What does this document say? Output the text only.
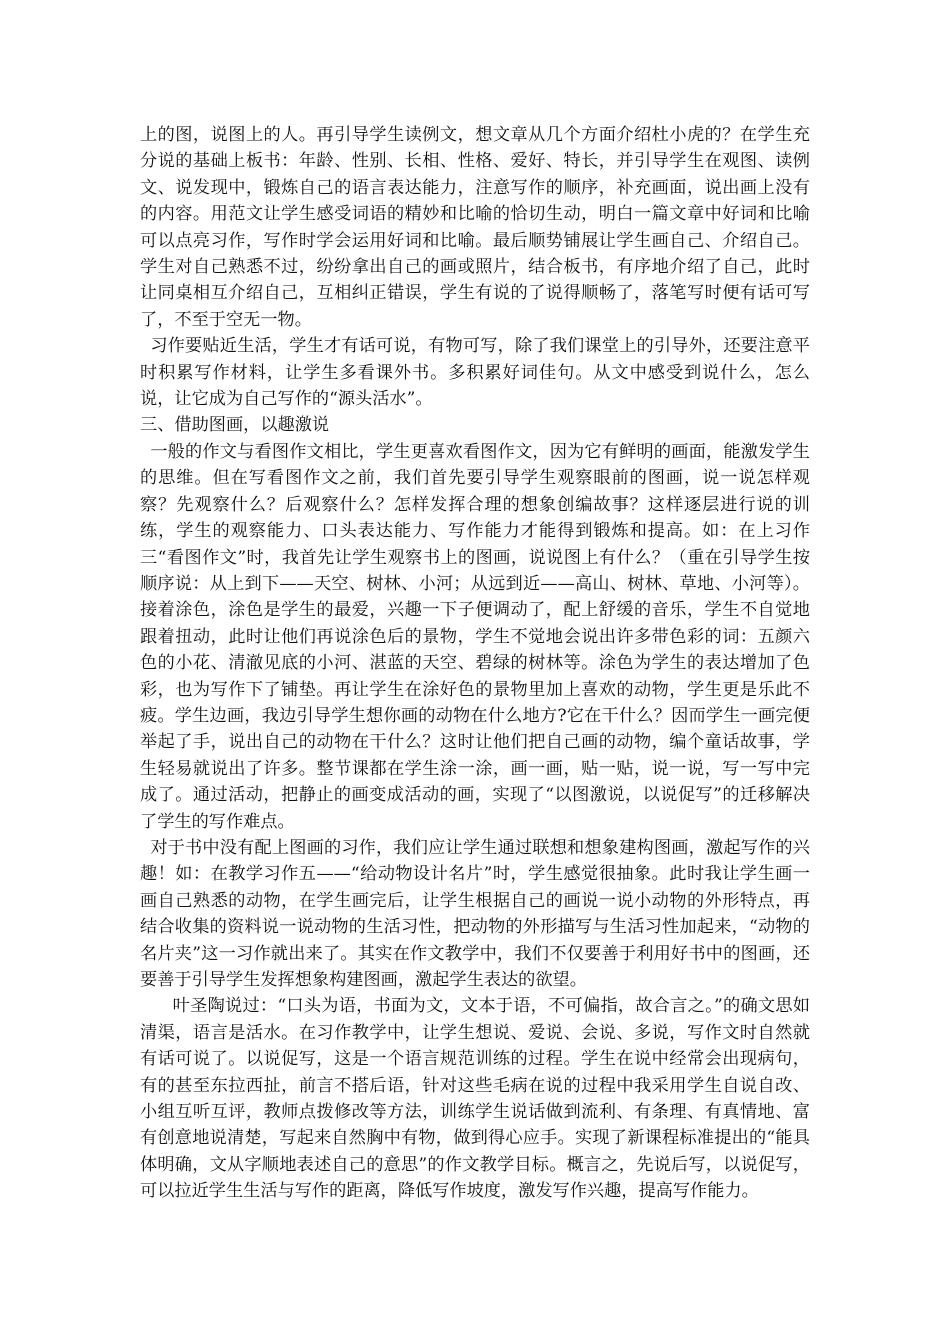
上的图，说图上的人。再引导学生读例文，想文章从几个方面介绍杜小虎的？在学生充分说的基础上板书：年龄、性别、长相、性格、爱好、特长，并引导学生在观图、读例文、说发现中，锻炼自己的语言表达能力，注意写作的顺序，补充画面，说出画上没有的内容。用范文让学生感受词语的精妙和比喻的恰切生动，明白一篇文章中好词和比喻可以点亮习作，写作时学会运用好词和比喻。最后顺势铺展让学生画自己、介绍自己。学生对自己熟悉不过，纷纷拿出自己的画或照片，结合板书，有序地介绍了自己，此时让同桌相互介绍自己，互相纠正错误，学生有说的了说得顺畅了，落笔写时便有话可写了，不至于空无一物。

习作要贴近生活，学生才有话可说，有物可写，除了我们课堂上的引导外，还要注意平时积累写作材料，让学生多看课外书。多积累好词佳句。从文中感受到说什么，怎么说，让它成为自己写作的“源头活水”。

三、借助图画，以趣激说

一般的作文与看图作文相比，学生更喜欢看图作文，因为它有鲜明的画面，能激发学生的思维。但在写看图作文之前，我们首先要引导学生观察眼前的图画，说一说怎样观察？先观察什么？后观察什么？怎样发挥合理的想象创编故事？这样逐层进行说的训练，学生的观察能力、口头表达能力、写作能力才能得到锻炼和提高。如：在上习作三“看图作文”时，我首先让学生观察书上的图画，说说图上有什么？（重在引导学生按顺序说：从上到下——天空、树林、小河；从远到近——高山、树林、草地、小河等）。接着涂色，涂色是学生的最爱，兴趣一下子便调动了，配上舒缓的音乐，学生不自觉地跟着扭动，此时让他们再说涂色后的景物，学生不觉地会说出许多带色彩的词：五颜六色的小花、清澈见底的小河、湛蓝的天空、碧绿的树林等。涂色为学生的表达增加了色彩，也为写作下了铺垫。再让学生在涂好色的景物里加上喜欢的动物，学生更是乐此不疲。学生边画，我边引导学生想你画的动物在什么地方?它在干什么？因而学生一画完便举起了手，说出自己的动物在干什么？这时让他们把自己画的动物，编个童话故事，学生轻易就说出了许多。整节课都在学生涂一涂，画一画，贴一贴，说一说，写一写中完成了。通过活动，把静止的画变成活动的画，实现了“以图激说，以说促写”的迁移解决了学生的写作难点。

对于书中没有配上图画的习作，我们应让学生通过联想和想象建构图画，激起写作的兴趣！如：在教学习作五——“给动物设计名片”时，学生感觉很抽象。此时我让学生画一画自己熟悉的动物，在学生画完后，让学生根据自己的画说一说小动物的外形特点，再结合收集的资料说一说动物的生活习性，把动物的外形描写与生活习性加起来，“动物的名片夹”这一习作就出来了。其实在作文教学中，我们不仅要善于利用好书中的图画，还要善于引导学生发挥想象构建图画，激起学生表达的欲望。

叶圣陶说过：“口头为语，书面为文，文本于语，不可偏指，故合言之。”的确文思如清渠，语言是活水。在习作教学中，让学生想说、爱说、会说、多说，写作文时自然就有话可说了。以说促写，这是一个语言规范训练的过程。学生在说中经常会出现病句，有的甚至东拉西扯，前言不搭后语，针对这些毛病在说的过程中我采用学生自说自改、小组互听互评，教师点拨修改等方法，训练学生说话做到流利、有条理、有真情地、富有创意地说清楚，写起来自然胸中有物，做到得心应手。实现了新课程标准提出的“能具体明确，文从字顺地表述自己的意思”的作文教学目标。概言之，先说后写，以说促写，可以拉近学生生活与写作的距离，降低写作坡度，激发写作兴趣，提高写作能力。
